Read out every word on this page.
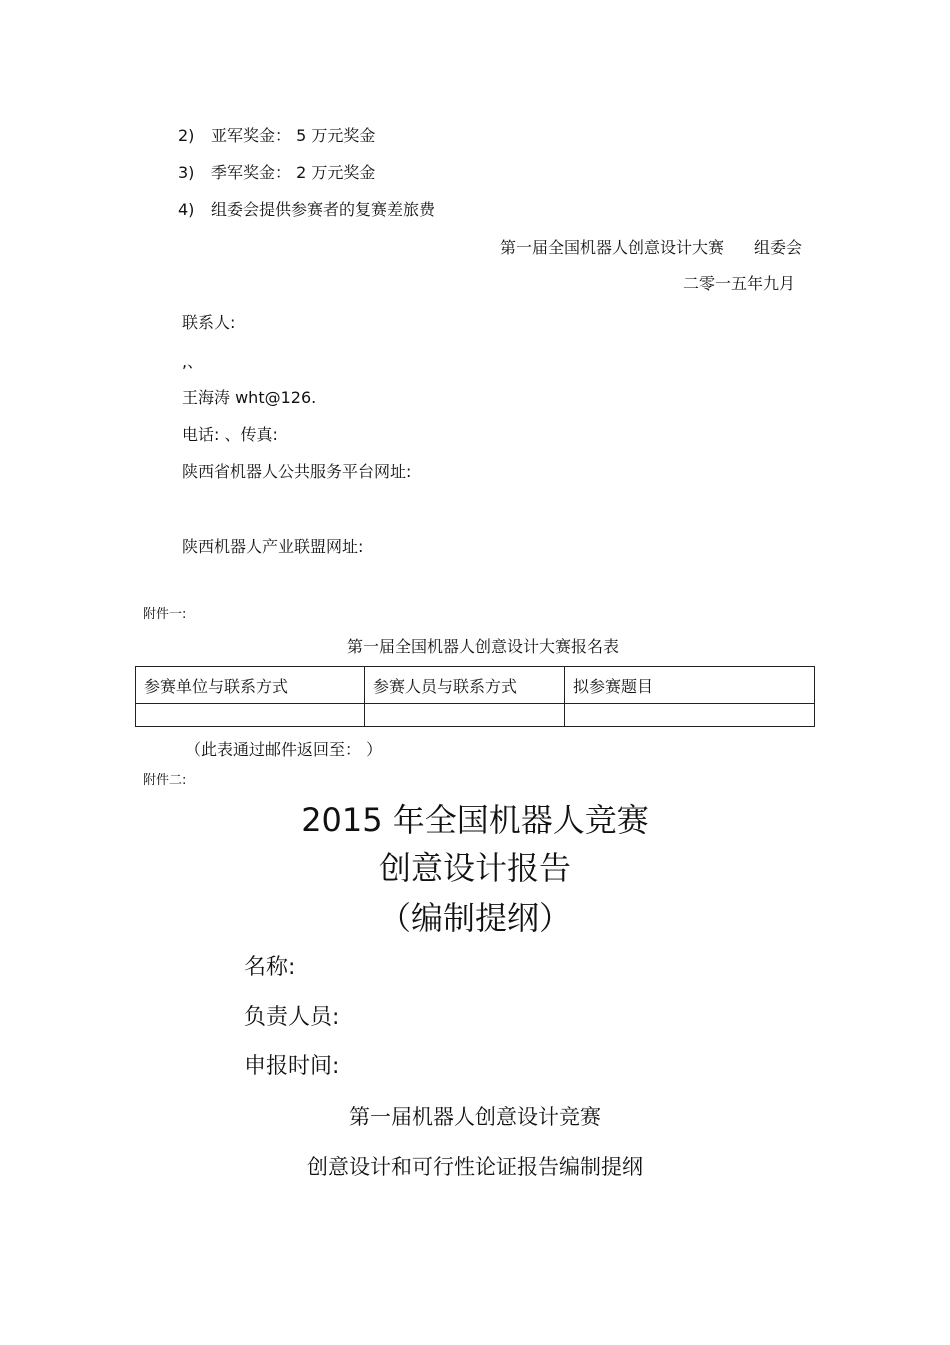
2) 亚军奖金： 5 万元奖金
3) 季军奖金： 2 万元奖金
4) 组委会提供参赛者的复赛差旅费
第一届全国机器人创意设计大赛 组委会
二零一五年九月
联系人:
,、
王海涛 wht@126.
电话: 、传真:
陕西省机器人公共服务平台网址:
陕西机器人产业联盟网址:
附件一:
第一届全国机器人创意设计大赛报名表
参赛单位与联系方式	参赛人员与联系方式	拟参赛题目

（此表通过邮件返回至： ）
附件二:
2015 年全国机器人竞赛
创意设计报告
（编制提纲）
名称:
负责人员:
申报时间:
第一届机器人创意设计竞赛
创意设计和可行性论证报告编制提纲
